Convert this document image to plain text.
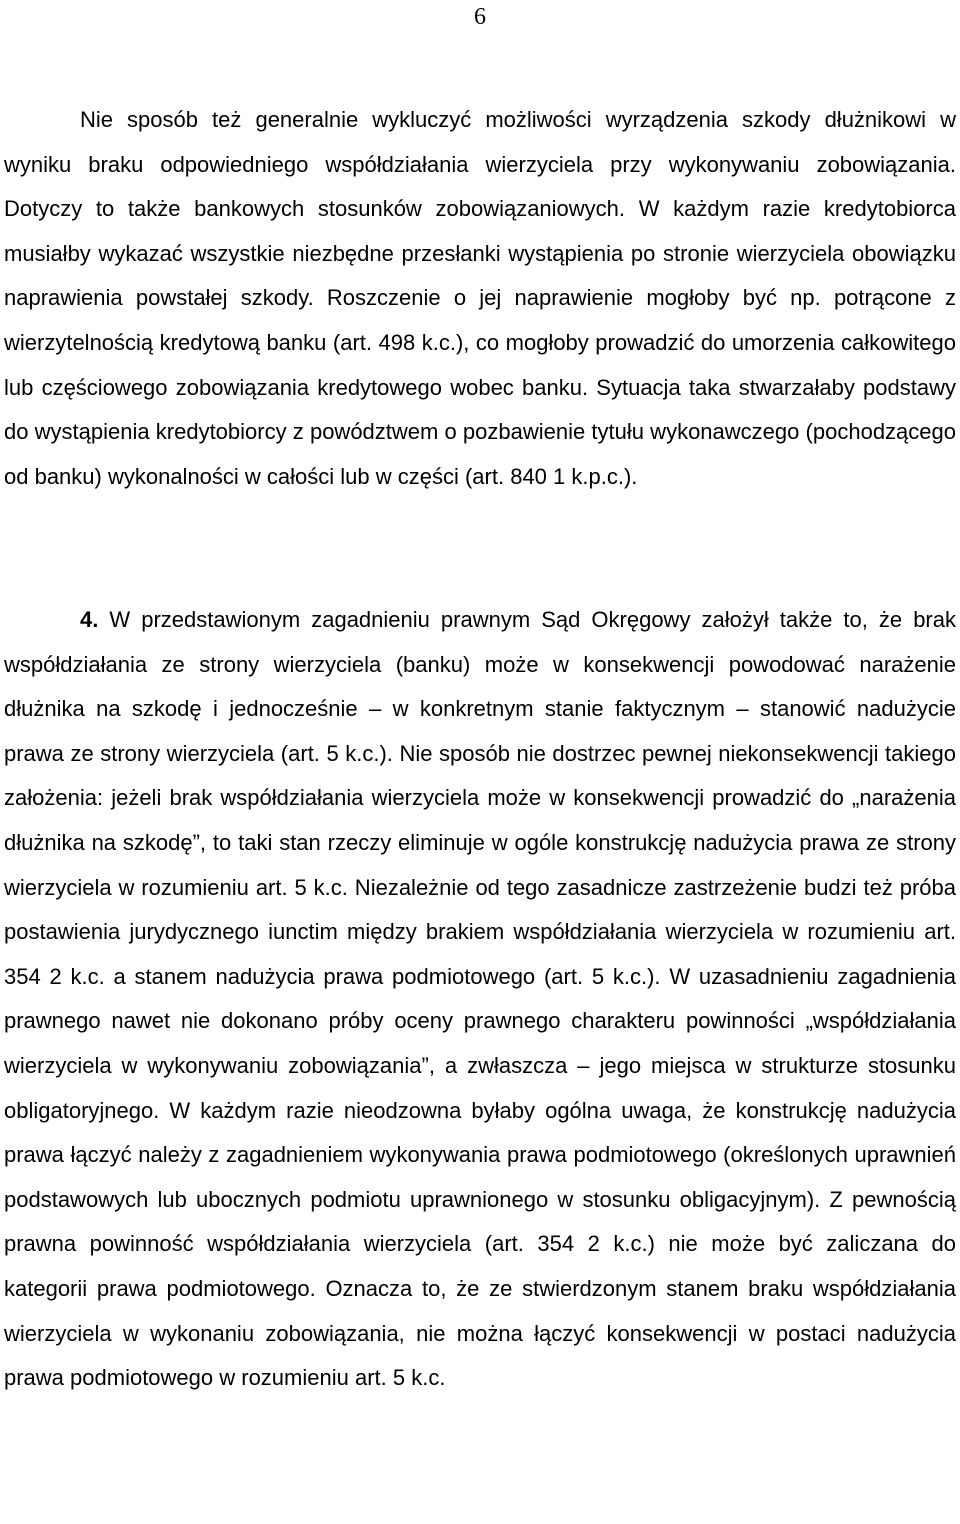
6

Nie sposób też generalnie wykluczyć możliwości wyrządzenia szkody dłużnikowi w wyniku braku odpowiedniego współdziałania wierzyciela przy wykonywaniu zobowiązania. Dotyczy to także bankowych stosunków zobowiązaniowych. W każdym razie kredytobiorca musiałby wykazać wszystkie niezbędne przesłanki wystąpienia po stronie wierzyciela obowiązku naprawienia powstałej szkody. Roszczenie o jej naprawienie mogłoby być np. potrącone z wierzytelnością kredytową banku (art. 498 k.c.), co mogłoby prowadzić do umorzenia całkowitego lub częściowego zobowiązania kredytowego wobec banku. Sytuacja taka stwarzałaby podstawy do wystąpienia kredytobiorcy z powództwem o pozbawienie tytułu wykonawczego (pochodzącego od banku) wykonalności w całości lub w części (art. 840 1 k.p.c.).

4. W przedstawionym zagadnieniu prawnym Sąd Okręgowy założył także to, że brak współdziałania ze strony wierzyciela (banku) może w konsekwencji powodować narażenie dłużnika na szkodę i jednocześnie – w konkretnym stanie faktycznym – stanowić nadużycie prawa ze strony wierzyciela (art. 5 k.c.). Nie sposób nie dostrzec pewnej niekonsekwencji takiego założenia: jeżeli brak współdziałania wierzyciela może w konsekwencji prowadzić do „narażenia dłużnika na szkodę”, to taki stan rzeczy eliminuje w ogóle konstrukcję nadużycia prawa ze strony wierzyciela w rozumieniu art. 5 k.c. Niezależnie od tego zasadnicze zastrzeżenie budzi też próba postawienia jurydycznego iunctim między brakiem współdziałania wierzyciela w rozumieniu art. 354 2 k.c. a stanem nadużycia prawa podmiotowego (art. 5 k.c.). W uzasadnieniu zagadnienia prawnego nawet nie dokonano próby oceny prawnego charakteru powinności „współdziałania wierzyciela w wykonywaniu zobowiązania”, a zwłaszcza – jego miejsca w strukturze stosunku obligatoryjnego. W każdym razie nieodzowna byłaby ogólna uwaga, że konstrukcję nadużycia prawa łączyć należy z zagadnieniem wykonywania prawa podmiotowego (określonych uprawnień podstawowych lub ubocznych podmiotu uprawnionego w stosunku obligacyjnym). Z pewnością prawna powinność współdziałania wierzyciela (art. 354 2 k.c.) nie może być zaliczana do kategorii prawa podmiotowego. Oznacza to, że ze stwierdzonym stanem braku współdziałania wierzyciela w wykonaniu zobowiązania, nie można łączyć konsekwencji w postaci nadużycia prawa podmiotowego w rozumieniu art. 5 k.c.
